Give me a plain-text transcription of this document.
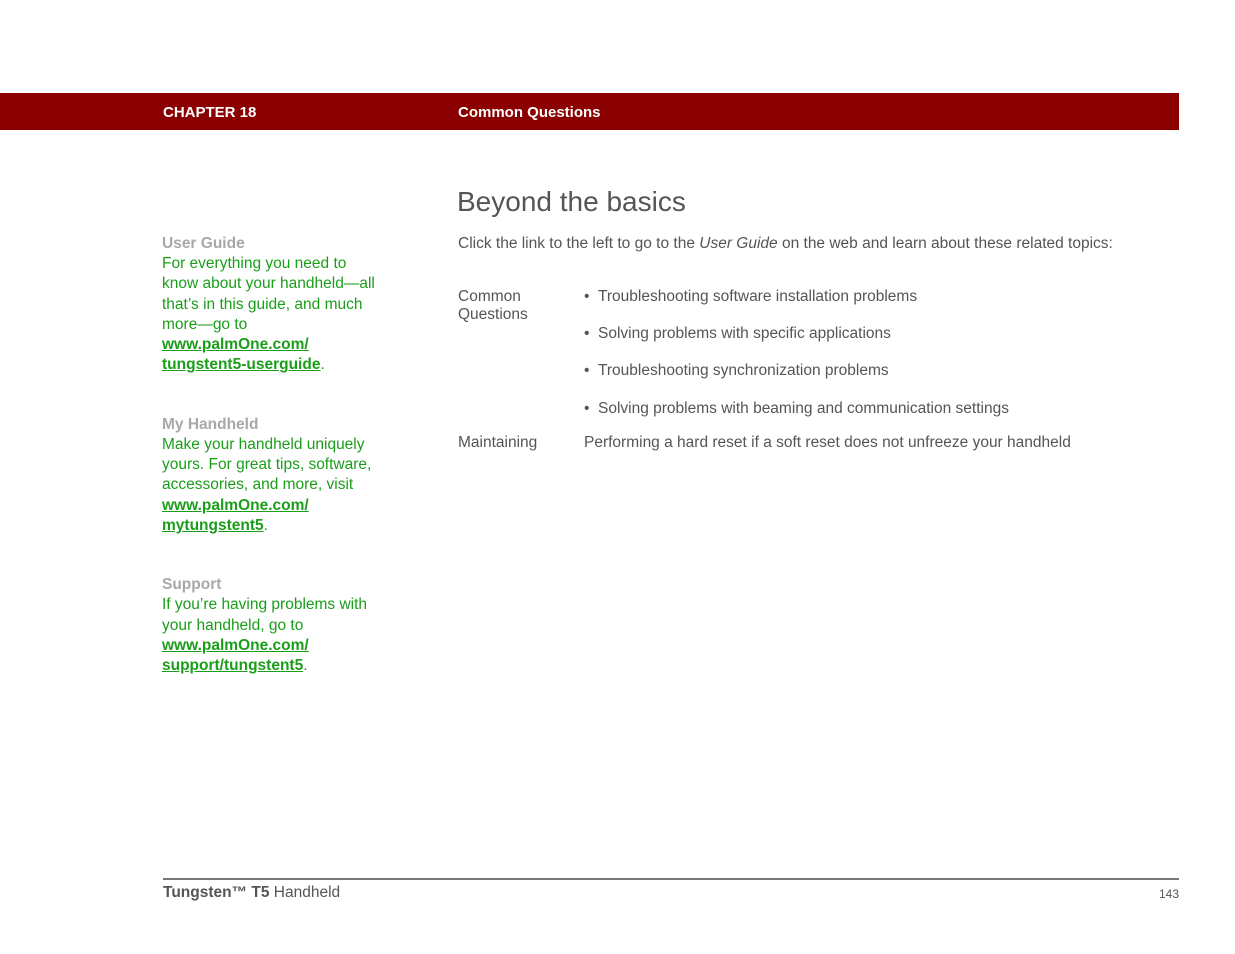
CHAPTER 18	Common Questions
User Guide
For everything you need to know about your handheld—all that’s in this guide, and much more—go to www.palmOne.com/ tungstent5-userguide.
My Handheld
Make your handheld uniquely yours. For great tips, software, accessories, and more, visit www.palmOne.com/ mytungstent5.
Support
If you’re having problems with your handheld, go to www.palmOne.com/ support/tungstent5.
Beyond the basics
Click the link to the left to go to the User Guide on the web and learn about these related topics:
Common Questions
• Troubleshooting software installation problems
• Solving problems with specific applications
• Troubleshooting synchronization problems
• Solving problems with beaming and communication settings
Maintaining	Performing a hard reset if a soft reset does not unfreeze your handheld
Tungsten™ T5 Handheld	143
